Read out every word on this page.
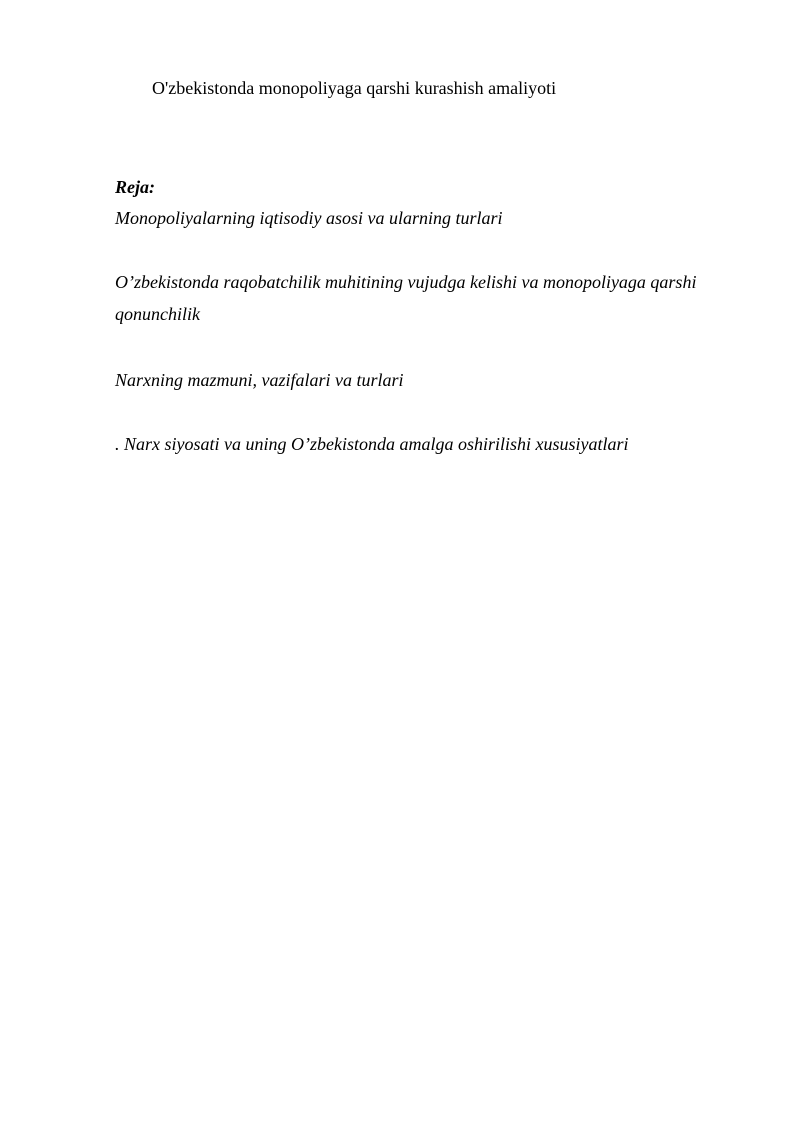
O'zbekistonda monopoliyaga qarshi kurashish amaliyoti
Reja:

Monopoliyalarning iqtisodiy asosi va ularning turlari

O’zbekistonda raqobatchilik muhitining vujudga kelishi va monopoliyaga qarshi qonunchilik

Narxning mazmuni, vazifalari va turlari

. Narx siyosati va uning O’zbekistonda amalga oshirilishi xususiyatlari
